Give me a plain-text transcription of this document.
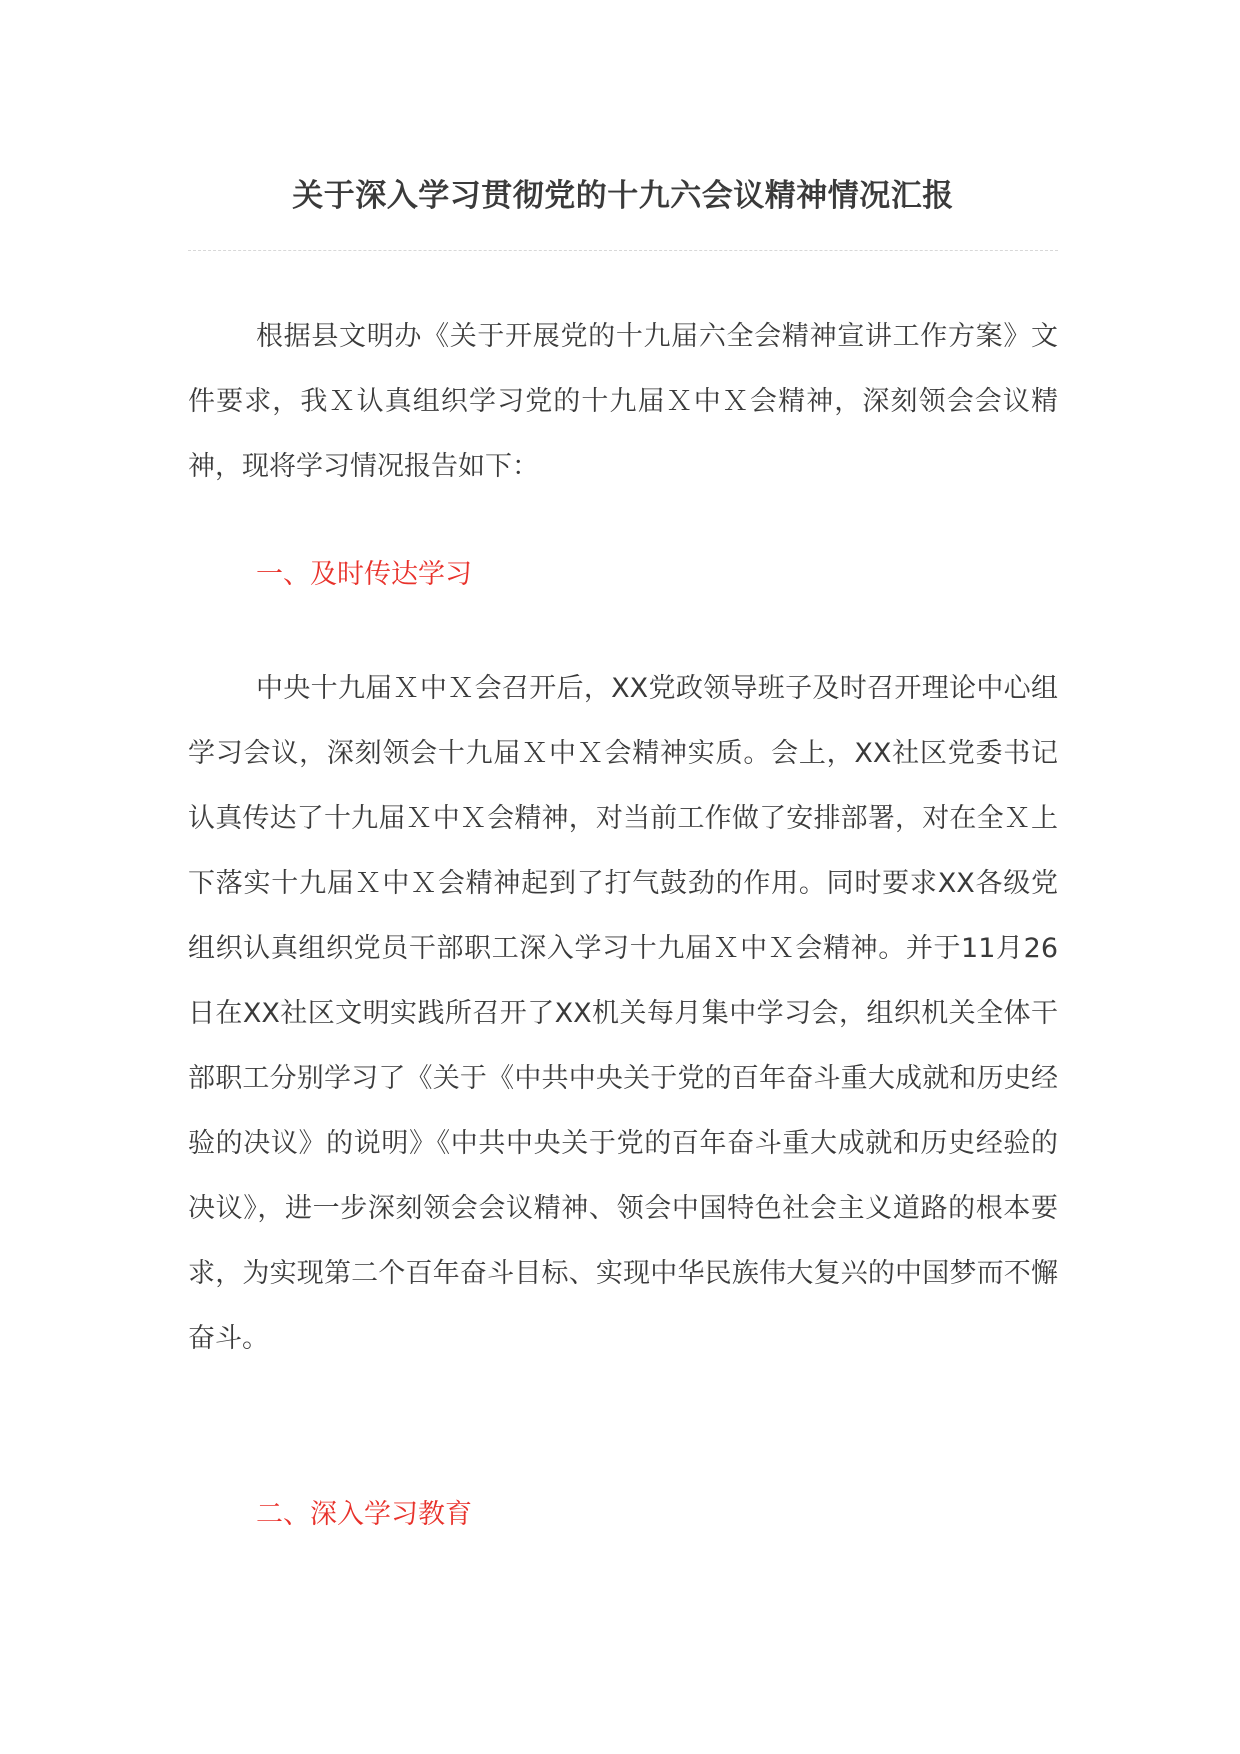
关于深入学习贯彻党的十九六会议精神情况汇报

根据县文明办《关于开展党的十九届六全会精神宣讲工作方案》文件要求，我Ｘ认真组织学习党的十九届Ｘ中Ｘ会精神，深刻领会会议精神，现将学习情况报告如下：

一、及时传达学习

中央十九届Ｘ中Ｘ会召开后，XX党政领导班子及时召开理论中心组学习会议，深刻领会十九届Ｘ中Ｘ会精神实质。会上，XX社区党委书记认真传达了十九届Ｘ中Ｘ会精神，对当前工作做了安排部署，对在全Ｘ上下落实十九届Ｘ中Ｘ会精神起到了打气鼓劲的作用。同时要求XX各级党组织认真组织党员干部职工深入学习十九届Ｘ中Ｘ会精神。并于11月26日在XX社区文明实践所召开了XX机关每月集中学习会，组织机关全体干部职工分别学习了《关于《中共中央关于党的百年奋斗重大成就和历史经验的决议》的说明》《中共中央关于党的百年奋斗重大成就和历史经验的决议》，进一步深刻领会会议精神、领会中国特色社会主义道路的根本要求，为实现第二个百年奋斗目标、实现中华民族伟大复兴的中国梦而不懈奋斗。

二、深入学习教育
